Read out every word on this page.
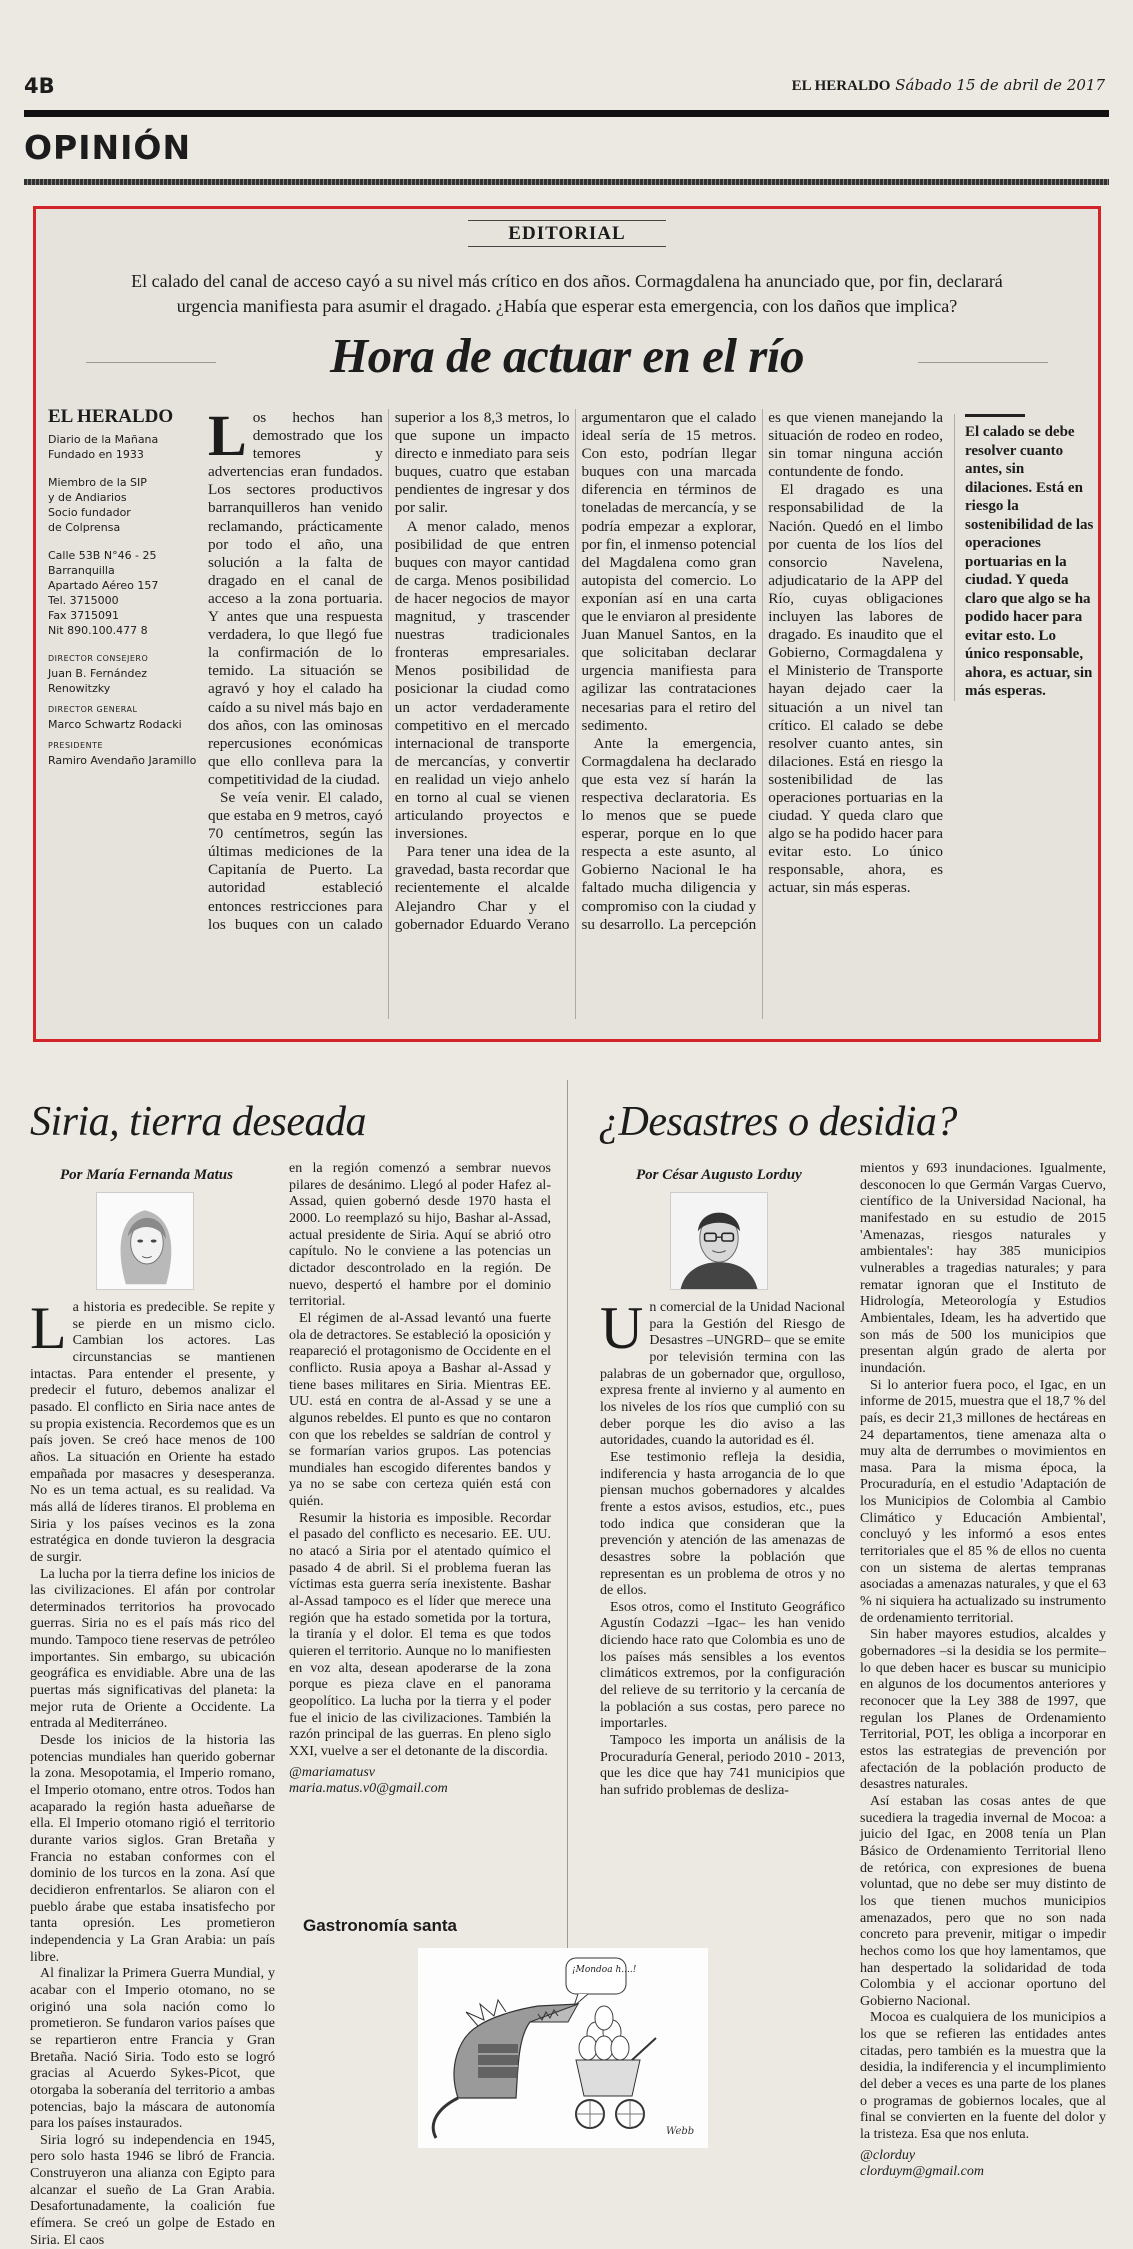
4B	EL HERALDO Sábado 15 de abril de 2017
OPINIÓN
EDITORIAL
El calado del canal de acceso cayó a su nivel más crítico en dos años. Cormagdalena ha anunciado que, por fin, declarará urgencia manifiesta para asumir el dragado. ¿Había que esperar esta emergencia, con los daños que implica?
Hora de actuar en el río
EL HERALDO
Diario de la Mañana
Fundado en 1933
Miembro de la SIP
y de Andiarios
Socio fundador
de Colprensa
Calle 53B N°46 - 25
Barranquilla
Apartado Aéreo 157
Tel. 3715000
Fax 3715091
Nit 890.100.477 8
DIRECTOR CONSEJERO
Juan B. Fernández
Renowitzky
DIRECTOR GENERAL
Marco Schwartz Rodacki
PRESIDENTE
Ramiro Avendaño Jaramillo

Los hechos han demostrado que los temores y advertencias eran fundados. Los sectores productivos barranquilleros han venido reclamando, prácticamente por todo el año, una solución a la falta de dragado en el canal de acceso a la zona portuaria. Y antes que una respuesta verdadera, lo que llegó fue la confirmación de lo temido. La situación se agravó y hoy el calado ha caído a su nivel más bajo en dos años, con las ominosas repercusiones económicas que ello conlleva para la competitividad de la ciudad.

Se veía venir. El calado, que estaba en 9 metros, cayó 70 centímetros, según las últimas mediciones de la Capitanía de Puerto. La autoridad estableció entonces restricciones para los buques con un calado superior a los 8,3 metros, lo que supone un impacto directo e inmediato para seis buques, cuatro que estaban pendientes de ingresar y dos por salir.

A menor calado, menos posibilidad de que entren buques con mayor cantidad de carga. Menos posibilidad de hacer negocios de mayor magnitud, y trascender nuestras tradicionales fronteras empresariales. Menos posibilidad de posicionar la ciudad como un actor verdaderamente competitivo en el mercado internacional de transporte de mercancías, y convertir en realidad un viejo anhelo en torno al cual se vienen articulando proyectos e inversiones.

Para tener una idea de la gravedad, basta recordar que recientemente el alcalde Alejandro Char y el gobernador Eduardo Verano argumentaron que el calado ideal sería de 15 metros. Con esto, podrían llegar buques con una marcada diferencia en términos de toneladas de mercancía, y se podría empezar a explorar, por fin, el inmenso potencial del Magdalena como gran autopista del comercio. Lo exponían así en una carta que le enviaron al presidente Juan Manuel Santos, en la que solicitaban declarar urgencia manifiesta para agilizar las contrataciones necesarias para el retiro del sedimento.

Ante la emergencia, Cormagdalena ha declarado que esta vez sí harán la respectiva declaratoria. Es lo menos que se puede esperar, porque en lo que respecta a este asunto, al Gobierno Nacional le ha faltado mucha diligencia y compromiso con la ciudad y su desarrollo. La percepción es que vienen manejando la situación de rodeo en rodeo, sin tomar ninguna acción contundente de fondo.

El dragado es una responsabilidad de la Nación. Quedó en el limbo por cuenta de los líos del consorcio Navelena, adjudicatario de la APP del Río, cuyas obligaciones incluyen las labores de dragado. Es inaudito que el Gobierno, Cormagdalena y el Ministerio de Transporte hayan dejado caer la situación a un nivel tan crítico. El calado se debe resolver cuanto antes, sin dilaciones. Está en riesgo la sostenibilidad de las operaciones portuarias en la ciudad. Y queda claro que algo se ha podido hacer para evitar esto. Lo único responsable, ahora, es actuar, sin más esperas.

El calado se debe resolver cuanto antes, sin dilaciones. Está en riesgo la sostenibilidad de las operaciones portuarias en la ciudad. Y queda claro que algo se ha podido hacer para evitar esto. Lo único responsable, ahora, es actuar, sin más esperas.
Siria, tierra deseada
Por María Fernanda Matus

La historia es predecible. Se repite y se pierde en un mismo ciclo. Cambian los actores. Las circunstancias se mantienen intactas. Para entender el presente, y predecir el futuro, debemos analizar el pasado. El conflicto en Siria nace antes de su propia existencia. Recordemos que es un país joven. Se creó hace menos de 100 años. La situación en Oriente ha estado empañada por masacres y desesperanza. No es un tema actual, es su realidad. Va más allá de líderes tiranos. El problema en Siria y los países vecinos es la zona estratégica en donde tuvieron la desgracia de surgir.

La lucha por la tierra define los inicios de las civilizaciones. El afán por controlar determinados territorios ha provocado guerras. Siria no es el país más rico del mundo. Tampoco tiene reservas de petróleo importantes. Sin embargo, su ubicación geográfica es envidiable. Abre una de las puertas más significativas del planeta: la mejor ruta de Oriente a Occidente. La entrada al Mediterráneo.

Desde los inicios de la historia las potencias mundiales han querido gobernar la zona. Mesopotamia, el Imperio romano, el Imperio otomano, entre otros. Todos han acaparado la región hasta adueñarse de ella. El Imperio otomano rigió el territorio durante varios siglos. Gran Bretaña y Francia no estaban conformes con el dominio de los turcos en la zona. Así que decidieron enfrentarlos. Se aliaron con el pueblo árabe que estaba insatisfecho por tanta opresión. Les prometieron independencia y La Gran Arabia: un país libre.

Al finalizar la Primera Guerra Mundial, y acabar con el Imperio otomano, no se originó una sola nación como lo prometieron. Se fundaron varios países que se repartieron entre Francia y Gran Bretaña. Nació Siria. Todo esto se logró gracias al Acuerdo Sykes-Picot, que otorgaba la soberanía del territorio a ambas potencias, bajo la máscara de autonomía para los países instaurados.

Siria logró su independencia en 1945, pero solo hasta 1946 se libró de Francia. Construyeron una alianza con Egipto para alcanzar el sueño de La Gran Arabia. Desafortunadamente, la coalición fue efímera. Se creó un golpe de Estado en Siria. El caos

en la región comenzó a sembrar nuevos pilares de desánimo. Llegó al poder Hafez al-Assad, quien gobernó desde 1970 hasta el 2000. Lo reemplazó su hijo, Bashar al-Assad, actual presidente de Siria. Aquí se abrió otro capítulo. No le conviene a las potencias un dictador descontrolado en la región. De nuevo, despertó el hambre por el dominio territorial.

El régimen de al-Assad levantó una fuerte ola de detractores. Se estableció la oposición y reapareció el protagonismo de Occidente en el conflicto. Rusia apoya a Bashar al-Assad y tiene bases militares en Siria. Mientras EE. UU. está en contra de al-Assad y se une a algunos rebeldes. El punto es que no contaron con que los rebeldes se saldrían de control y se formarían varios grupos. Las potencias mundiales han escogido diferentes bandos y ya no se sabe con certeza quién está con quién.

Resumir la historia es imposible. Recordar el pasado del conflicto es necesario. EE. UU. no atacó a Siria por el atentado químico el pasado 4 de abril. Si el problema fueran las víctimas esta guerra sería inexistente. Bashar al-Assad tampoco es el líder que merece una región que ha estado sometida por la tortura, la tiranía y el dolor. El tema es que todos quieren el territorio. Aunque no lo manifiesten en voz alta, desean apoderarse de la zona porque es pieza clave en el panorama geopolítico. La lucha por la tierra y el poder fue el inicio de las civilizaciones. También la razón principal de las guerras. En pleno siglo XXI, vuelve a ser el detonante de la discordia.

@mariamatusv

maria.matus.v0@gmail.com

¿Desastres o desidia?
Por César Augusto Lorduy

Un comercial de la Unidad Nacional para la Gestión del Riesgo de Desastres –UNGRD– que se emite por televisión termina con las palabras de un gobernador que, orgulloso, expresa frente al invierno y al aumento en los niveles de los ríos que cumplió con su deber porque les dio aviso a las autoridades, cuando la autoridad es él.

Ese testimonio refleja la desidia, indiferencia y hasta arrogancia de lo que piensan muchos gobernadores y alcaldes frente a estos avisos, estudios, etc., pues todo indica que consideran que la prevención y atención de las amenazas de desastres sobre la población que representan es un problema de otros y no de ellos.

Esos otros, como el Instituto Geográfico Agustín Codazzi –Igac– les han venido diciendo hace rato que Colombia es uno de los países más sensibles a los eventos climáticos extremos, por la configuración del relieve de su territorio y la cercanía de la población a sus costas, pero parece no importarles.

Tampoco les importa un análisis de la Procuraduría General, periodo 2010 - 2013, que les dice que hay 741 municipios que han sufrido problemas de desliza-

mientos y 693 inundaciones. Igualmente, desconocen lo que Germán Vargas Cuervo, científico de la Universidad Nacional, ha manifestado en su estudio de 2015 'Amenazas, riesgos naturales y ambientales': hay 385 municipios vulnerables a tragedias naturales; y para rematar ignoran que el Instituto de Hidrología, Meteorología y Estudios Ambientales, Ideam, les ha advertido que son más de 500 los municipios que presentan algún grado de alerta por inundación.

Si lo anterior fuera poco, el Igac, en un informe de 2015, muestra que el 18,7 % del país, es decir 21,3 millones de hectáreas en 24 departamentos, tiene amenaza alta o muy alta de derrumbes o movimientos en masa. Para la misma época, la Procuraduría, en el estudio 'Adaptación de los Municipios de Colombia al Cambio Climático y Educación Ambiental', concluyó y les informó a esos entes territoriales que el 85 % de ellos no cuenta con un sistema de alertas tempranas asociadas a amenazas naturales, y que el 63 % ni siquiera ha actualizado su instrumento de ordenamiento territorial.

Sin haber mayores estudios, alcaldes y gobernadores –si la desidia se los permite– lo que deben hacer es buscar su municipio en algunos de los documentos anteriores y reconocer que la Ley 388 de 1997, que regulan los Planes de Ordenamiento Territorial, POT, les obliga a incorporar en estos las estrategias de prevención por afectación de la población producto de desastres naturales.

Así estaban las cosas antes de que sucediera la tragedia invernal de Mocoa: a juicio del Igac, en 2008 tenía un Plan Básico de Ordenamiento Territorial lleno de retórica, con expresiones de buena voluntad, que no debe ser muy distinto de los que tienen muchos municipios amenazados, pero que no son nada concreto para prevenir, mitigar o impedir hechos como los que hoy lamentamos, que han despertado la solidaridad de toda Colombia y el accionar oportuno del Gobierno Nacional.

Mocoa es cualquiera de los municipios a los que se refieren las entidades antes citadas, pero también es la muestra que la desidia, la indiferencia y el incumplimiento del deber a veces es una parte de los planes o programas de gobiernos locales, que al final se convierten en la fuente del dolor y la tristeza. Esa que nos enluta.

@clorduy

clorduym@gmail.com

Gastronomía santa
¡Mondoa h....!
Webb
